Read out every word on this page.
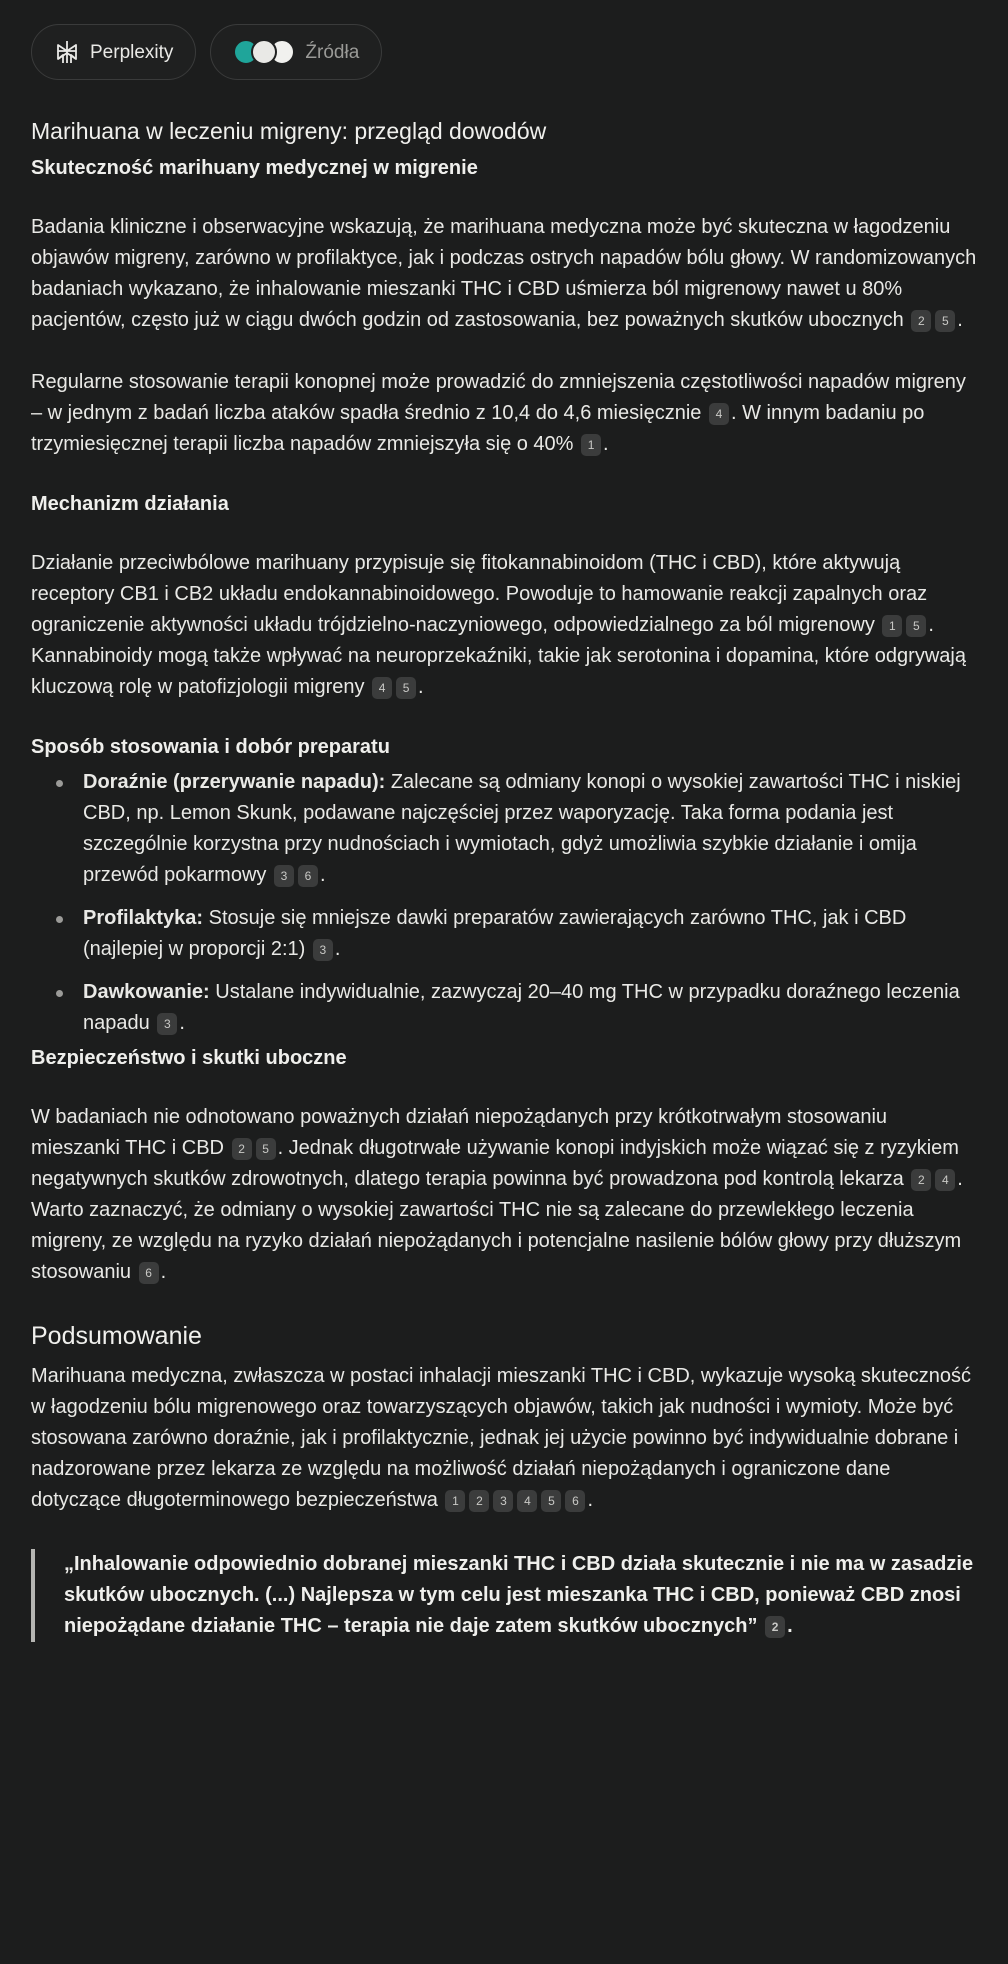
Perplexity	Źródła
Marihuana w leczeniu migreny: przegląd dowodów
Skuteczność marihuany medycznej w migrenie

Badania kliniczne i obserwacyjne wskazują, że marihuana medyczna może być skuteczna w łagodzeniu objawów migreny, zarówno w profilaktyce, jak i podczas ostrych napadów bólu głowy. W randomizowanych badaniach wykazano, że inhalowanie mieszanki THC i CBD uśmierza ból migrenowy nawet u 80% pacjentów, często już w ciągu dwóch godzin od zastosowania, bez poważnych skutków ubocznych 2 5 .

Regularne stosowanie terapii konopnej może prowadzić do zmniejszenia częstotliwości napadów migreny – w jednym z badań liczba ataków spadła średnio z 10,4 do 4,6 miesięcznie 4 . W innym badaniu po trzymiesięcznej terapii liczba napadów zmniejszyła się o 40% 1 .

Mechanizm działania

Działanie przeciwbólowe marihuany przypisuje się fitokannabinoidom (THC i CBD), które aktywują receptory CB1 i CB2 układu endokannabinoidowego. Powoduje to hamowanie reakcji zapalnych oraz ograniczenie aktywności układu trójdzielno-naczyniowego, odpowiedzialnego za ból migrenowy 1 5 . Kannabinoidy mogą także wpływać na neuroprzekaźniki, takie jak serotonina i dopamina, które odgrywają kluczową rolę w patofizjologii migreny 4 5 .

Sposób stosowania i dobór preparatu
Doraźnie (przerywanie napadu): Zalecane są odmiany konopi o wysokiej zawartości THC i niskiej CBD, np. Lemon Skunk, podawane najczęściej przez waporyzację. Taka forma podania jest szczególnie korzystna przy nudnościach i wymiotach, gdyż umożliwia szybkie działanie i omija przewód pokarmowy 3 6 .
Profilaktyka: Stosuje się mniejsze dawki preparatów zawierających zarówno THC, jak i CBD (najlepiej w proporcji 2:1) 3 .
Dawkowanie: Ustalane indywidualnie, zazwyczaj 20–40 mg THC w przypadku doraźnego leczenia napadu 3 .
Bezpieczeństwo i skutki uboczne

W badaniach nie odnotowano poważnych działań niepożądanych przy krótkotrwałym stosowaniu mieszanki THC i CBD 2 5 . Jednak długotrwałe używanie konopi indyjskich może wiązać się z ryzykiem negatywnych skutków zdrowotnych, dlatego terapia powinna być prowadzona pod kontrolą lekarza 2 4 . Warto zaznaczyć, że odmiany o wysokiej zawartości THC nie są zalecane do przewlekłego leczenia migreny, ze względu na ryzyko działań niepożądanych i potencjalne nasilenie bólów głowy przy dłuższym stosowaniu 6 .

Podsumowanie

Marihuana medyczna, zwłaszcza w postaci inhalacji mieszanki THC i CBD, wykazuje wysoką skuteczność w łagodzeniu bólu migrenowego oraz towarzyszących objawów, takich jak nudności i wymioty. Może być stosowana zarówno doraźnie, jak i profilaktycznie, jednak jej użycie powinno być indywidualnie dobrane i nadzorowane przez lekarza ze względu na możliwość działań niepożądanych i ograniczone dane dotyczące długoterminowego bezpieczeństwa 1 2 3 4 5 6 .

„Inhalowanie odpowiednio dobranej mieszanki THC i CBD działa skutecznie i nie ma w zasadzie skutków ubocznych. (...) Najlepsza w tym celu jest mieszanka THC i CBD, ponieważ CBD znosi niepożądane działanie THC – terapia nie daje zatem skutków ubocznych” 2 .
